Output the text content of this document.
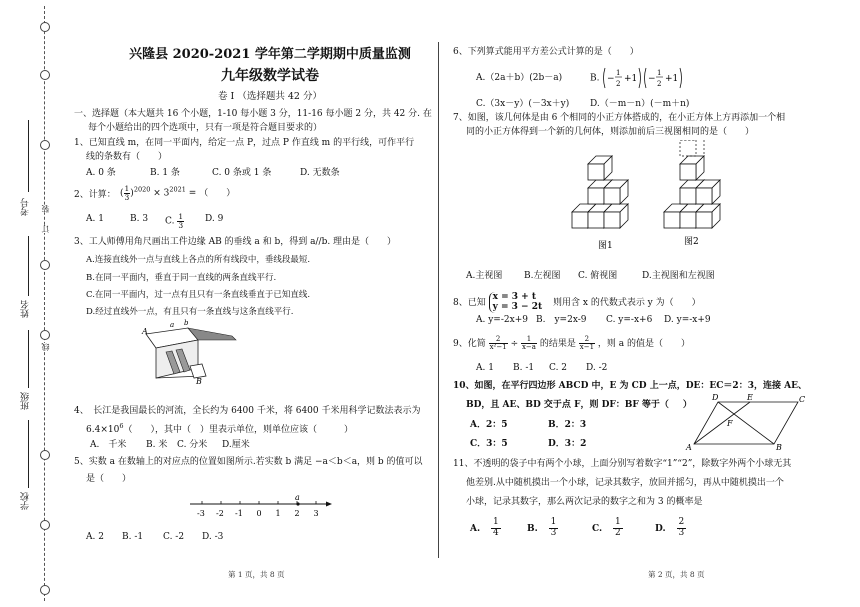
装
订
线
考号
姓名
班级
学校
兴隆县 2020-2021 学年第二学期期中质量监测
九年级数学试卷
卷 I （选择题共 42 分）
一、选择题（本大题共 16 个小题，1-10 每小题 3 分，11-16 每小题 2 分，共 42 分. 在
每个小题给出的四个选项中，只有一项是符合题目要求的）
1、已知直线 m，在同一平面内，给定一点 P，过点 P 作直线 m 的平行线，可作平行
线的条数有（　　）
A. 0 条	B. 1 条	C. 0 条或 1 条	D. 无数条
2、计算： ( $\frac{1}{3} )^{2020} \times 3^{2021}$ = （　　）
A. 1	B. 3 C. $\frac{1}{3} D$. 9
3、工人师傅用角尺画出工件边缘 AB 的垂线 a 和 b，得到 a//b. 理由是（　　）
A.连接直线外一点与直线上各点的所有线段中，垂线段最短.
B.在同一平面内，垂直于同一直线的两条直线平行.
C.在同一平面内，过一点有且只有一条直线垂直于已知直线.
D.经过直线外一点，有且只有一条直线与这条直线平行.
A
B
a b
4、　长江是我国最长的河流，全长约为 6400 千米，将 6400 千米用科学记数法表示为
$6.4\times 10^6$（　　），其中（　）里表示单位，则单位应该（　　　）
A.　千米 B. 米 C. 分米 D.厘米
5、实数 a 在数轴上的对应点的位置如图所示.若实数 b 满足 −a＜b＜a，则 b 的值可以
是（　　）
-3 -2 -1 0 1 2 3
a
A. 2 B. -1 C. -2 D. -3
第 1 页，共 8 页
6、下列算式能用平方差公式计算的是（　　）
A.（2a＋b）(2b－a)	B. −
1
2 +1 −
1
2 +1
C.（3x－y）(－3x＋y) D.（－m－n）(－m＋n)
7、如图，该几何体是由 6 个相同的小正方体搭成的，在小正方体上方再添加一个相
同的小正方体得到一个新的几何体，则添加前后三视图相同的是（　　）
图1	图2
A.主视图 B.左视图 C. 俯视图	D.主视图和左视图
8、已知
x = 3 + t
y = 3 − 2t 则用含 x 的代数式表示 y 为（　　）
A. y=-2x+9 B.　y=2x-9 C. y=-x+6 D. y=-x+9
9、化简 $\frac{2}{\text{x²−1}} \div \frac{1}{x-a}$ 的结果是 $\frac{2}{x-1}$ ，则 a 的值是（　　）
A. 1 B. -1 C. 2 D. -2
10、如图，在平行四边形 ABCD 中，E 为 CD 上一点，DE：EC＝2：3，连接 AE、
BD，且 AE、BD 交于点 F，则 DF：BF 等于（ ）
A．2：5	B．2：3
C．3：5	D．3：2
D	E	C
A	B
F
11、不透明的袋子中有两个小球，上面分别写着数字“1”“2”，除数字外两个小球无其
他差别.从中随机摸出一个小球，记录其数字，放回并摇匀，再从中随机摸出一个
小球，记录其数字，那么两次记录的数字之和为 3 的概率是
A. $\frac{1}{4}$	B. $\frac{1}{3}$	C. $\frac{1}{2}$	D. $\frac{2}{3}$
第 2 页，共 8 页
